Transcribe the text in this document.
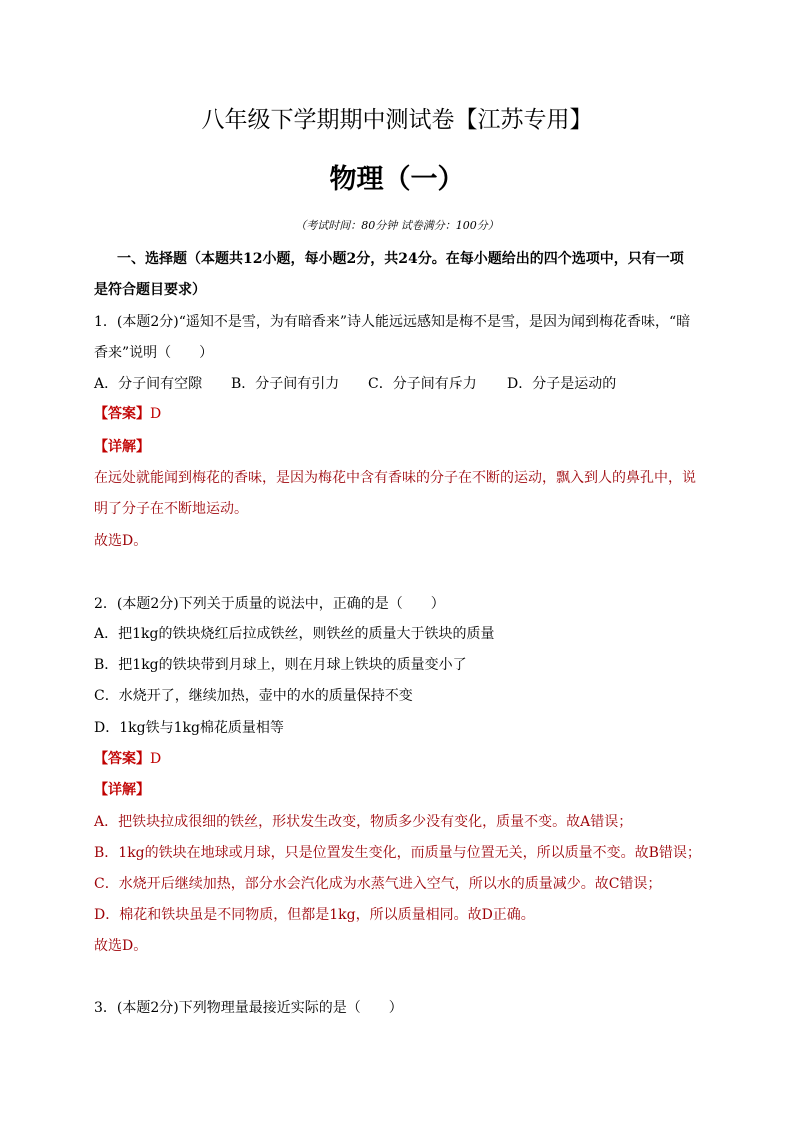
八年级下学期期中测试卷【江苏专用】
物理（一）
（考试时间：80分钟 试卷满分：100分）
一、选择题（本题共12小题，每小题2分，共24分。在每小题给出的四个选项中，只有一项
是符合题目要求）
1．(本题2分)“遥知不是雪，为有暗香来”诗人能远远感知是梅不是雪，是因为闻到梅花香味，“暗
香来”说明（　　）
A．分子间有空隙 B．分子间有引力 C．分子间有斥力 D．分子是运动的
【答案】D
【详解】
在远处就能闻到梅花的香味，是因为梅花中含有香味的分子在不断的运动，飘入到人的鼻孔中，说
明了分子在不断地运动。
故选D。
2．(本题2分)下列关于质量的说法中，正确的是（　　）
A．把1kg的铁块烧红后拉成铁丝，则铁丝的质量大于铁块的质量
B．把1kg的铁块带到月球上，则在月球上铁块的质量变小了
C．水烧开了，继续加热，壶中的水的质量保持不变
D．1kg铁与1kg棉花质量相等
【答案】D
【详解】
A．把铁块拉成很细的铁丝，形状发生改变，物质多少没有变化，质量不变。故A错误；
B．1kg的铁块在地球或月球，只是位置发生变化，而质量与位置无关，所以质量不变。故B错误；
C．水烧开后继续加热，部分水会汽化成为水蒸气进入空气，所以水的质量减少。故C错误；
D．棉花和铁块虽是不同物质，但都是1kg，所以质量相同。故D正确。
故选D。
3．(本题2分)下列物理量最接近实际的是（　　）
